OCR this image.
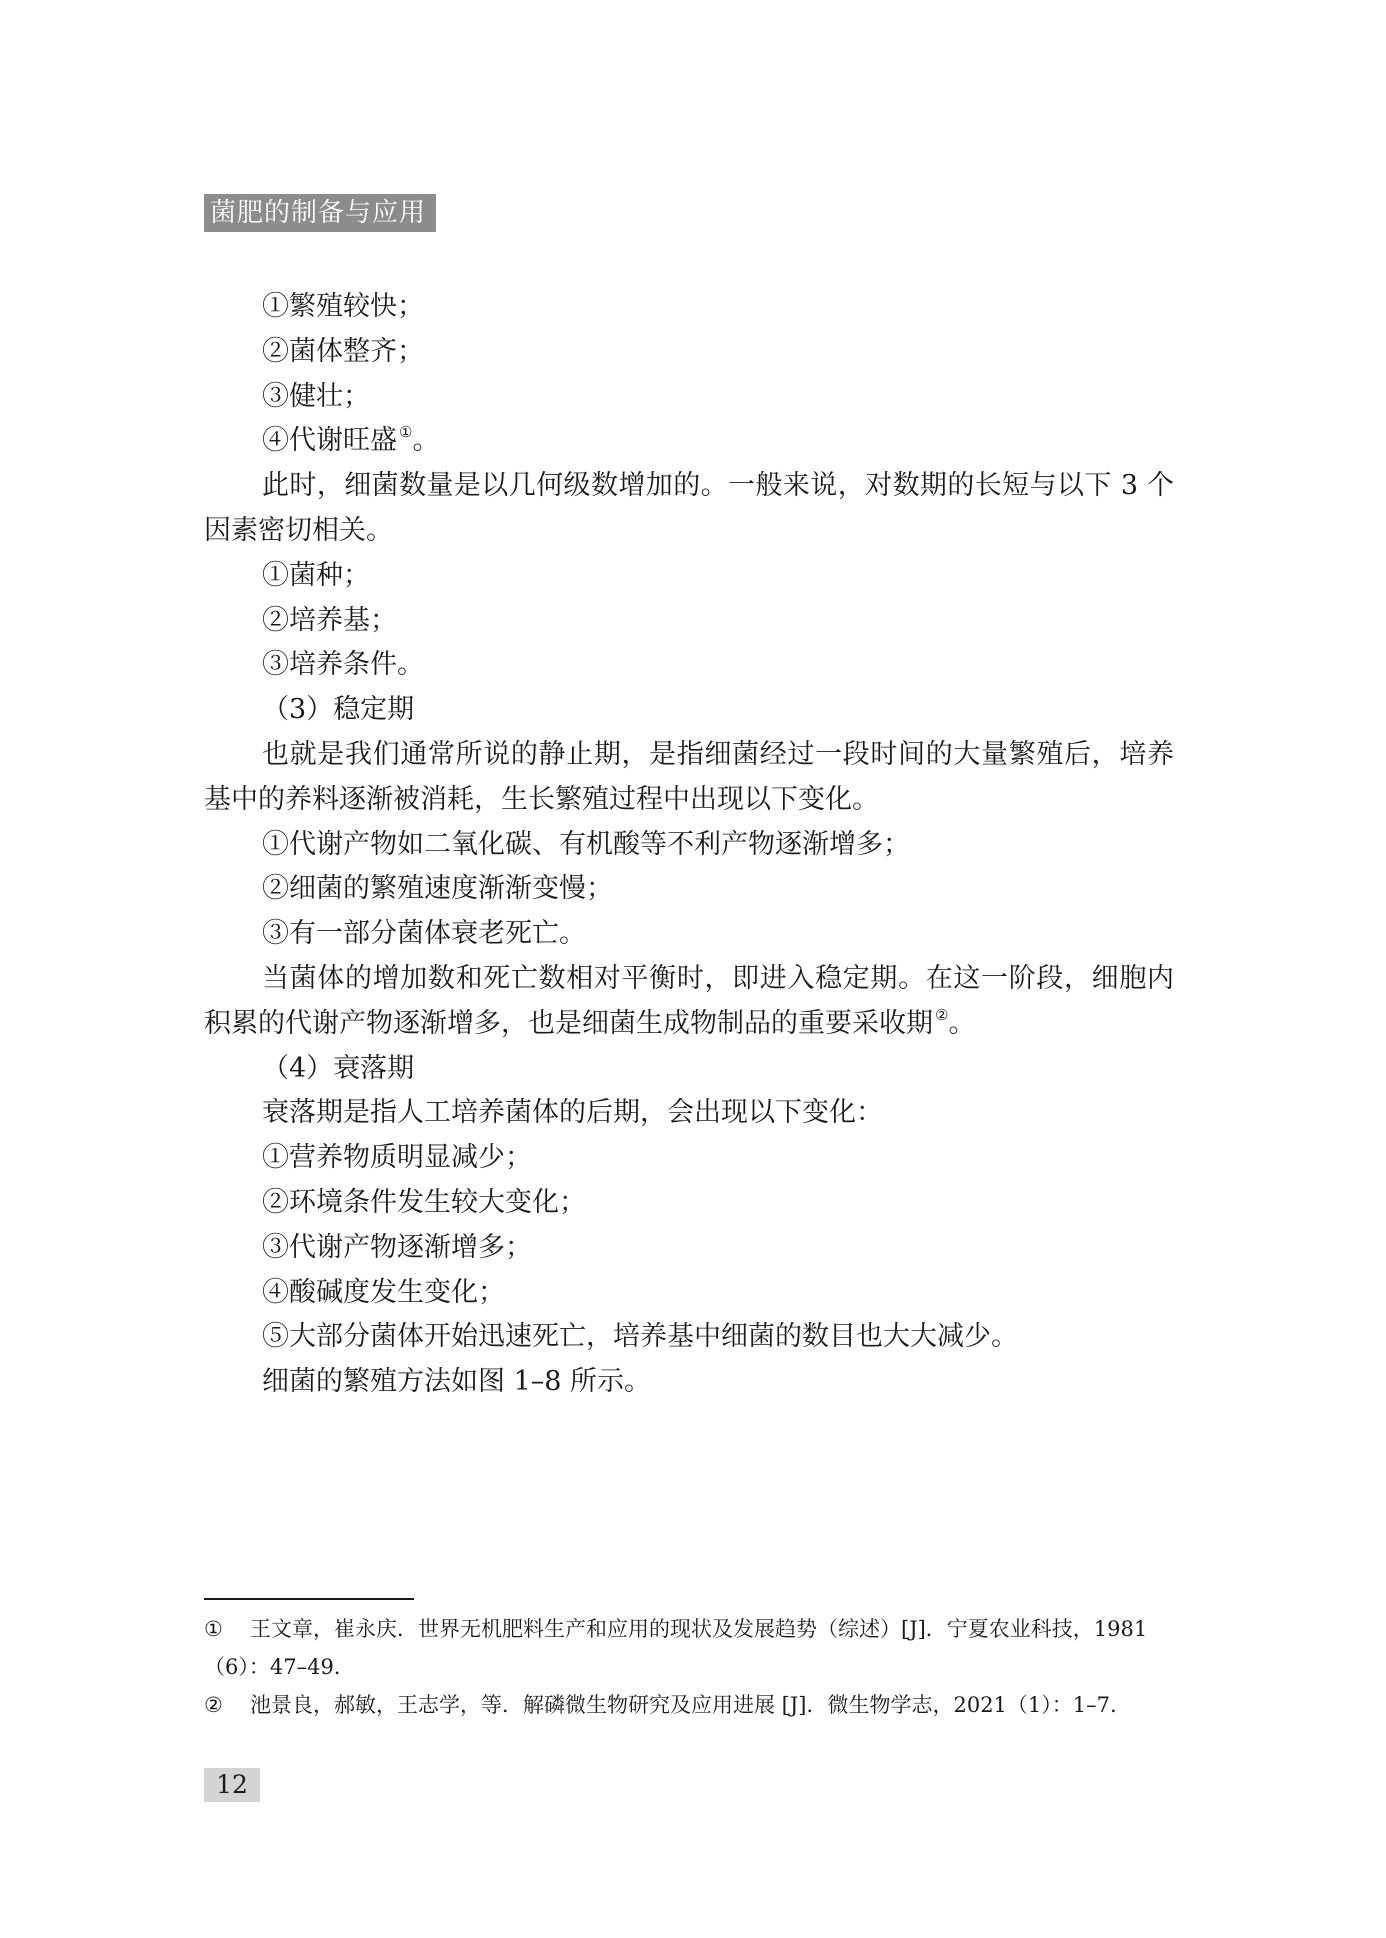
菌肥的制备与应用
①繁殖较快；
②菌体整齐；
③健壮；
④代谢旺盛 ①。
此时，细菌数量是以几何级数增加的。一般来说，对数期的长短与以下 3 个因素密切相关。
①菌种；
②培养基；
③培养条件。
（3）稳定期
也就是我们通常所说的静止期，是指细菌经过一段时间的大量繁殖后，培养基中的养料逐渐被消耗，生长繁殖过程中出现以下变化。
①代谢产物如二氧化碳、有机酸等不利产物逐渐增多；
②细菌的繁殖速度渐渐变慢；
③有一部分菌体衰老死亡。
当菌体的增加数和死亡数相对平衡时，即进入稳定期。在这一阶段，细胞内积累的代谢产物逐渐增多，也是细菌生成物制品的重要采收期 ②。
（4）衰落期
衰落期是指人工培养菌体的后期，会出现以下变化：
①营养物质明显减少；
②环境条件发生较大变化；
③代谢产物逐渐增多；
④酸碱度发生变化；
⑤大部分菌体开始迅速死亡，培养基中细菌的数目也大大减少。
细菌的繁殖方法如图 1–8 所示。
① 王文章，崔永庆．世界无机肥料生产和应用的现状及发展趋势（综述）[J]．宁夏农业科技，1981（6）：47–49.
② 池景良，郝敏，王志学，等．解磷微生物研究及应用进展 [J]．微生物学志，2021（1）：1–7.
12
